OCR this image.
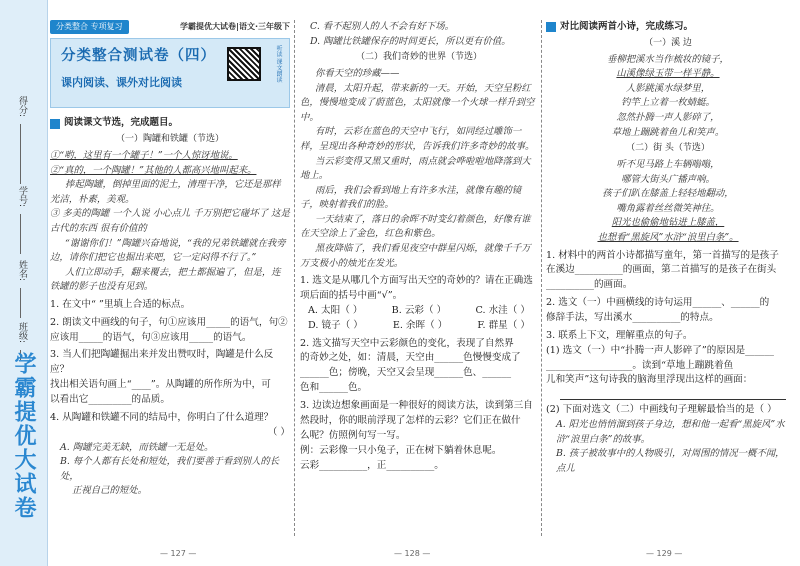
得分:
学号:
姓名:
班级:
学霸提优大试卷
分类整合 专项复习	学霸提优大试卷|语文·三年级下
分类整合测试卷（四）
课内阅读、课外对比阅读	听读 课文朗读
阅读课文节选，完成题目。
（一）陶罐和铁罐（节选）
①“哟，这里有一个罐子！”一个人惊讶地说。
②“真的，一个陶罐！”其他的人都高兴地叫起来。
捧起陶罐，倒掉里面的泥土，清理干净，它还是那样光洁，朴素，美观。
③ 多美的陶罐 一个人说 小心点儿 千万别把它碰坏了 这是古代的东西 很有价值的
“谢谢你们！”陶罐兴奋地说，“我的兄弟铁罐就在我旁边，请你们把它也掘出来吧，它一定闷得不行了。”
人们立即动手，翻来覆去，把土都掘遍了，但是，连铁罐的影子也没有见到。
1. 在文中“ ”里填上合适的标点。
2. 朗读文中画线的句子，句①应该用_____的语气，句②
应该用_____的语气，句③应该用_____的语气。
3. 当人们把陶罐掘出来并发出赞叹时，陶罐是什么反应？
找出相关语句画上“____”。从陶罐的所作所为中，可
以看出它_________的品质。
4. 从陶罐和铁罐不同的结局中，你明白了什么道理？
（ ）
A. 陶罐完美无缺，而铁罐一无是处。
B. 每个人都有长处和短处，我们要善于看到别人的长处，
正视自己的短处。
— 127 —
C. 看不起别人的人不会有好下场。
D. 陶罐比铁罐保存的时间更长，所以更有价值。
（二）我们奇妙的世界（节选）
你看天空的珍藏——
清晨，太阳升起，带来新的一天。开始，天空呈粉红色，慢慢地变成了蔚蓝色，太阳就像一个火球一样升到空中。
有时，云彩在蓝色的天空中飞行，如同经过雕饰一样，呈现出各种奇妙的形状，告诉我们许多奇妙的故事。
当云彩变得又黑又重时，雨点就会哗啦啦地降落到大地上。
雨后，我们会看到地上有许多水洼，就像有趣的镜子，映射着我们的脸。
一天结束了，落日的余晖不时变幻着颜色，好像有谁在天空涂上了金色，红色和紫色。
黑夜降临了，我们看见夜空中群星闪烁，就像千千万万支极小的烛光在发光。
1. 选文是从哪几个方面写出天空的奇妙的？请在正确选
项后面的括号中画“√”。
A. 太阳（ ）	B. 云彩（ ）	C. 水洼（ ）
D. 镜子（ ）	E. 余晖（ ）	F. 群星（ ）
2. 选文描写天空中云彩颜色的变化，表现了自然界
的奇妙之处，如：清晨，天空由______色慢慢变成了
______色；傍晚，天空又会呈现______色、______
色和______色。
3. 边读边想象画面是一种很好的阅读方法，读到第三自
然段时，你的眼前浮现了怎样的云彩？它们正在做什
么呢？仿照例句写一写。
例：云彩像一只小兔子，正在树下躺着休息呢。
云彩__________，正__________。
— 128 —
对比阅读两首小诗，完成练习。
（一）溪 边
垂柳把溪水当作梳妆的镜子，
山溪像绿玉带一样平静。
人影跳溪水绿梦里，
钓竿上立着一枚蜻蜓。
忽然扑腾一声人影碎了，
草地上蹦跳着鱼儿和笑声。
（二）街 头（节选）
听不见马路上车辆嗡嗡，
哪管大街头广播声响。
孩子们趴在膝盖上轻轻地翻动，
嘴角露着丝丝微笑神往。
阳光也偷偷地钻进上膝盖，
也想看“黑旋风”水浒“浪里白条”。
1. 材料中的两首小诗都描写童年，第一首描写的是孩子
在溪边__________的画面，第二首描写的是孩子在街头
__________的画面。
2. 选文（一）中画横线的诗句运用______、______的
修辞手法，写出溪水__________的特点。
3. 联系上下文，理解重点的句子。
(1) 选文（一）中“扑腾一声人影碎了”的原因是______
__________________。读到“草地上蹦跳着鱼
儿和笑声”这句诗我的脑海里浮现出这样的画面：
(2) 下面对选文（二）中画线句子理解最恰当的是（ ）
A. 阳光也悄悄溜到孩子身边，想和他一起看“黑旋风”水浒“浪里白条”的故事。
B. 孩子被故事中的人物吸引，对周围的情况一概不闻，点儿
— 129 —
